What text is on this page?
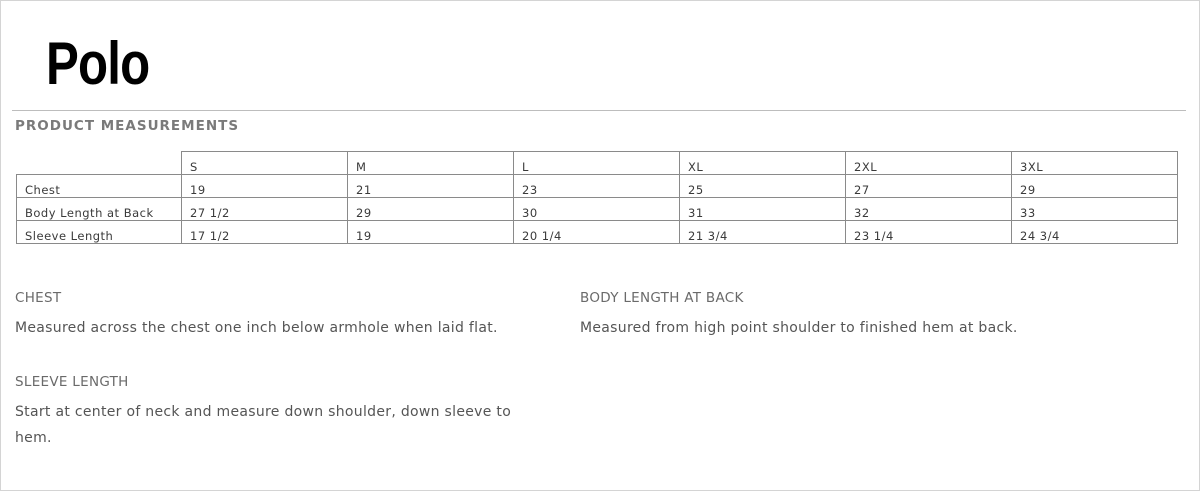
Polo
PRODUCT MEASUREMENTS
	S	M	L	XL	2XL	3XL
Chest	19	21	23	25	27	29
Body Length at Back	27 1/2	29	30	31	32	33
Sleeve Length	17 1/2	19	20 1/4	21 3/4	23 1/4	24 3/4
CHEST
Measured across the chest one inch below armhole when laid flat.
BODY LENGTH AT BACK
Measured from high point shoulder to finished hem at back.
SLEEVE LENGTH
Start at center of neck and measure down shoulder, down sleeve to hem.
